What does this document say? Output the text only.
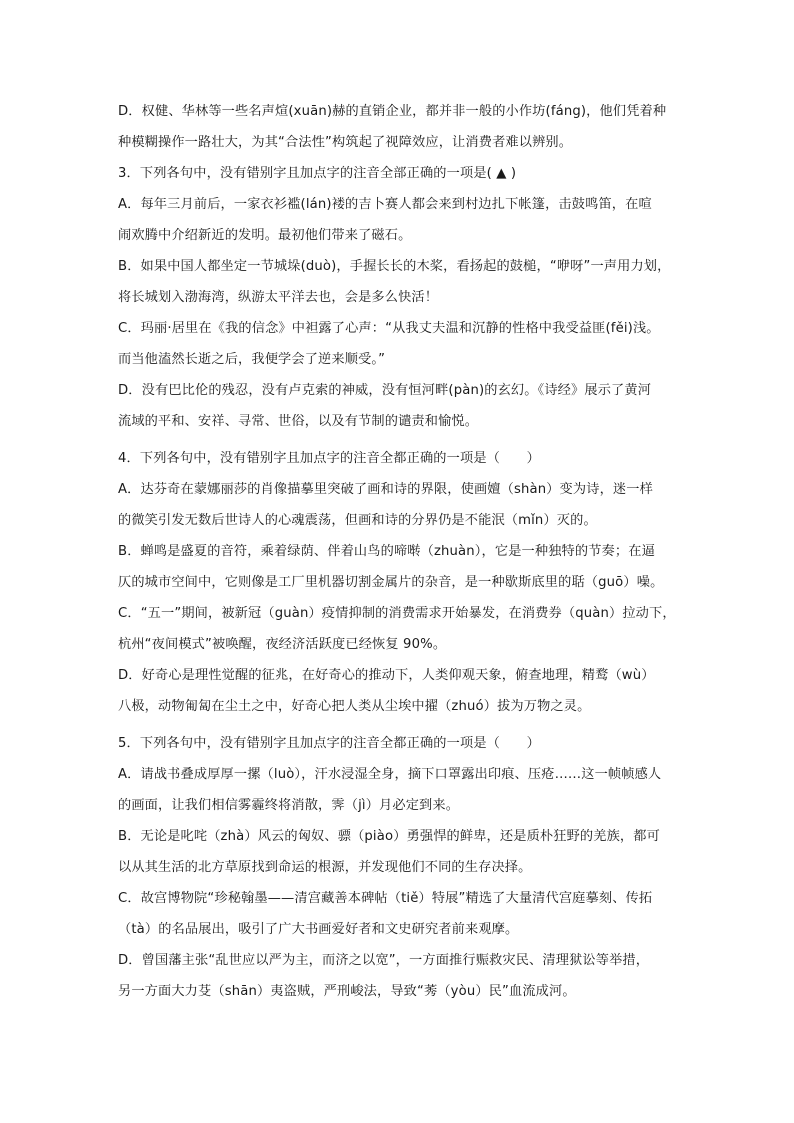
D．权健、华林等一些名声煊(xuān)赫的直销企业，都并非一般的小作坊(fáng)，他们凭着种
种模糊操作一路壮大，为其“合法性”构筑起了视障效应，让消费者难以辨别。
3．下列各句中，没有错别字且加点字的注音全部正确的一项是( ▲ )
A．每年三月前后，一家衣衫褴(lán)褛的吉卜赛人都会来到村边扎下帐篷，击鼓鸣笛，在喧
闹欢腾中介绍新近的发明。最初他们带来了磁石。
B．如果中国人都坐定一节城垛(duò)，手握长长的木桨，看扬起的鼓槌，“咿呀”一声用力划，
将长城划入渤海湾，纵游太平洋去也，会是多么快活！
C．玛丽·居里在《我的信念》中袒露了心声：“从我丈夫温和沉静的性格中我受益匪(fěi)浅。
而当他溘然长逝之后，我便学会了逆来顺受。”
D．没有巴比伦的残忍，没有卢克索的神威，没有恒河畔(pàn)的玄幻。《诗经》展示了黄河
流域的平和、安祥、寻常、世俗，以及有节制的谴责和愉悦。
4．下列各句中，没有错别字且加点字的注音全都正确的一项是（　　）
A．达芬奇在蒙娜丽莎的肖像描摹里突破了画和诗的界限，使画嬗（shàn）变为诗，迷一样
的微笑引发无数后世诗人的心魂震荡，但画和诗的分界仍是不能泯（mǐn）灭的。
B．蝉鸣是盛夏的音符，乘着绿荫、伴着山鸟的啼啭（zhuàn），它是一种独特的节奏；在逼
仄的城市空间中，它则像是工厂里机器切割金属片的杂音，是一种歇斯底里的聒（guō）噪。
C．“五一”期间，被新冠（guàn）疫情抑制的消费需求开始暴发，在消费券（quàn）拉动下，
杭州“夜间模式”被唤醒，夜经济活跃度已经恢复 90%。
D．好奇心是理性觉醒的征兆，在好奇心的推动下，人类仰观天象，俯查地理，精鹜（wù）
八极，动物匍匐在尘土之中，好奇心把人类从尘埃中擢（zhuó）拔为万物之灵。
5．下列各句中，没有错别字且加点字的注音全都正确的一项是（　　）
A．请战书叠成厚厚一摞（luò），汗水浸湿全身，摘下口罩露出印痕、压疮……这一帧帧感人
的画面，让我们相信雾霾终将消散，霁（jì）月必定到来。
B．无论是叱咤（zhà）风云的匈奴、骠（piào）勇强悍的鲜卑，还是质朴狂野的羌族，都可
以从其生活的北方草原找到命运的根源，并发现他们不同的生存决择。
C．故宫博物院“珍秘翰墨——清宫藏善本碑帖（tiě）特展”精选了大量清代宫庭摹刻、传拓
（tà）的名品展出，吸引了广大书画爱好者和文史研究者前来观摩。
D．曾国藩主张“乱世应以严为主，而济之以宽”，一方面推行赈救灾民、清理狱讼等举措，
另一方面大力芟（shān）夷盗贼，严刑峻法，导致“莠（yòu）民”血流成河。
